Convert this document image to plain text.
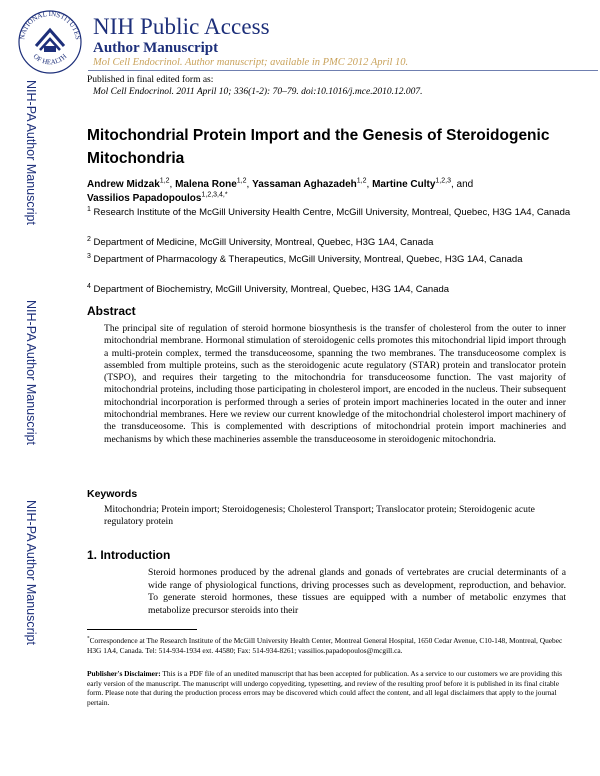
NATIONAL INSTITUTES
OF HEALTH
NIH Public Access
Author Manuscript
Mol Cell Endocrinol. Author manuscript; available in PMC 2012 April 10.
Published in final edited form as:
Mol Cell Endocrinol. 2011 April 10; 336(1-2): 70–79. doi:10.1016/j.mce.2010.12.007.
NIH-PA Author Manuscript
NIH-PA Author Manuscript
NIH-PA Author Manuscript
Mitochondrial Protein Import and the Genesis of Steroidogenic
Mitochondria
Andrew Midzak$^{1,2}$, Malena Rone$^{1,2}$, Yassaman Aghazadeh$^{1,2}$, Martine Culty$^{1,2,3}$, and
Vassilios Papadopoulos$^{1,2,3,4,*}$
$^1$ Research Institute of the McGill University Health Centre, McGill University, Montreal, Quebec, H3G 1A4, Canada
$^2$ Department of Medicine, McGill University, Montreal, Quebec, H3G 1A4, Canada
$^3$ Department of Pharmacology & Therapeutics, McGill University, Montreal, Quebec, H3G 1A4, Canada
$^4$ Department of Biochemistry, McGill University, Montreal, Quebec, H3G 1A4, Canada
Abstract
The principal site of regulation of steroid hormone biosynthesis is the transfer of cholesterol from the outer to inner mitochondrial membrane. Hormonal stimulation of steroidogenic cells promotes this mitochondrial lipid import through a multi-protein complex, termed the transduceosome, spanning the two membranes. The transduceosome complex is assembled from multiple proteins, such as the steroidogenic acute regulatory (STAR) protein and translocator protein (TSPO), and requires their targeting to the mitochondria for transduceosome function. The vast majority of mitochondrial proteins, including those participating in cholesterol import, are encoded in the nucleus. Their subsequent mitochondrial incorporation is performed through a series of protein import machineries located in the outer and inner mitochondrial membranes. Here we review our current knowledge of the mitochondrial cholesterol import machinery of the transduceosome. This is complemented with descriptions of mitochondrial protein import machineries and mechanisms by which these machineries assemble the transduceosome in steroidogenic mitochondria.
Keywords
Mitochondria; Protein import; Steroidogenesis; Cholesterol Transport; Translocator protein; Steroidogenic acute regulatory protein
1. Introduction
Steroid hormones produced by the adrenal glands and gonads of vertebrates are crucial determinants of a wide range of physiological functions, driving processes such as development, reproduction, and behavior. To generate steroid hormones, these tissues are equipped with a number of metabolic enzymes that metabolize precursor steroids into their
*Correspondence at The Research Institute of the McGill University Health Center, Montreal General Hospital, 1650 Cedar Avenue, C10-148, Montreal, Quebec H3G 1A4, Canada. Tel: 514-934-1934 ext. 44580; Fax: 514-934-8261; vassilios.papadopoulos@mcgill.ca.
Publisher's Disclaimer: This is a PDF file of an unedited manuscript that has been accepted for publication. As a service to our customers we are providing this early version of the manuscript. The manuscript will undergo copyediting, typesetting, and review of the resulting proof before it is published in its final citable form. Please note that during the production process errors may be discovered which could affect the content, and all legal disclaimers that apply to the journal pertain.
